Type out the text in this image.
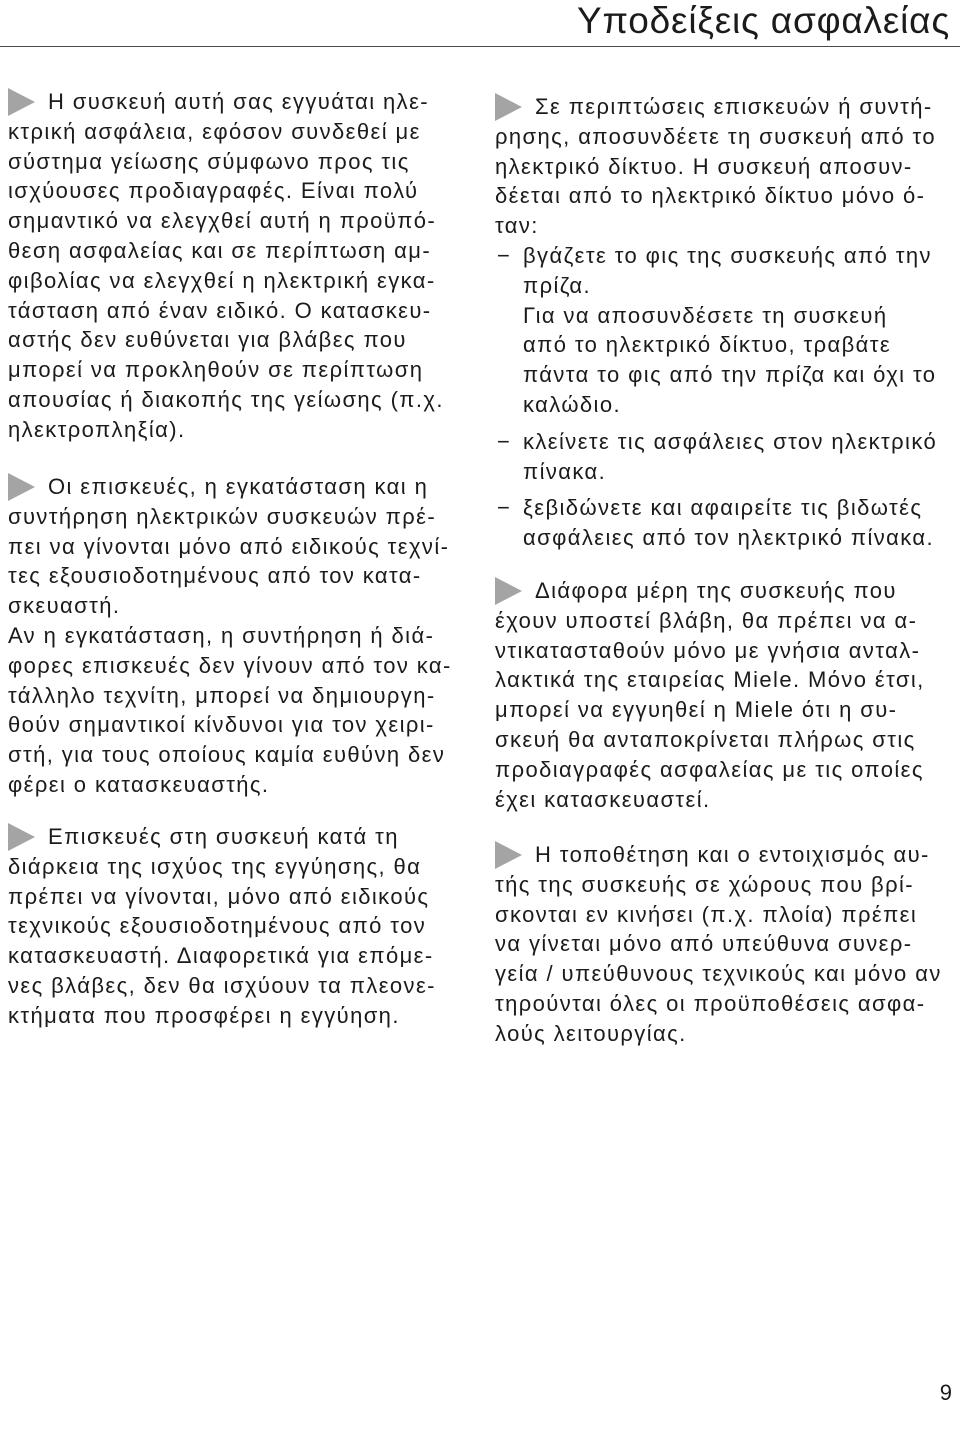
Υποδείξεις ασφαλείας
Η συσκευή αυτή σας εγγυάται ηλε-
κτρική ασφάλεια, εφόσον συνδεθεί με
σύστημα γείωσης σύμφωνο προς τις
ισχύουσες προδιαγραφές. Είναι πολύ
σημαντικό να ελεγχθεί αυτή η προϋπό-
θεση ασφαλείας και σε περίπτωση αμ-
φιβολίας να ελεγχθεί η ηλεκτρική εγκα-
τάσταση από έναν ειδικό. Ο κατασκευ-
αστής δεν ευθύνεται για βλάβες που
μπορεί να προκληθούν σε περίπτωση
απουσίας ή διακοπής της γείωσης (π.χ.
ηλεκτροπληξία).
Οι επισκευές, η εγκατάσταση και η
συντήρηση ηλεκτρικών συσκευών πρέ-
πει να γίνονται μόνο από ειδικούς τεχνί-
τες εξουσιοδοτημένους από τον κατα-
σκευαστή.
Αν η εγκατάσταση, η συντήρηση ή διά-
φορες επισκευές δεν γίνουν από τον κα-
τάλληλο τεχνίτη, μπορεί να δημιουργη-
θούν σημαντικοί κίνδυνοι για τον χειρι-
στή, για τους οποίους καμία ευθύνη δεν
φέρει ο κατασκευαστής.
Επισκευές στη συσκευή κατά τη
διάρκεια της ισχύος της εγγύησης, θα
πρέπει να γίνονται, μόνο από ειδικούς
τεχνικούς εξουσιοδοτημένους από τον
κατασκευαστή. Διαφορετικά για επόμε-
νες βλάβες, δεν θα ισχύουν τα πλεονε-
κτήματα που προσφέρει η εγγύηση.
Σε περιπτώσεις επισκευών ή συντή-
ρησης, αποσυνδέετε τη συσκευή από το
ηλεκτρικό δίκτυο. Η συσκευή αποσυν-
δέεται από το ηλεκτρικό δίκτυο μόνο ό-
ταν:
− βγάζετε το φις της συσκευής από την
πρίζα.
Για να αποσυνδέσετε τη συσκευή
από το ηλεκτρικό δίκτυο, τραβάτε
πάντα το φις από την πρίζα και όχι το
καλώδιο.
− κλείνετε τις ασφάλειες στον ηλεκτρικό
πίνακα.
− ξεβιδώνετε και αφαιρείτε τις βιδωτές
ασφάλειες από τον ηλεκτρικό πίνακα.
Διάφορα μέρη της συσκευής που
έχουν υποστεί βλάβη, θα πρέπει να α-
ντικατασταθούν μόνο με γνήσια ανταλ-
λακτικά της εταιρείας Miele. Μόνο έτσι,
μπορεί να εγγυηθεί η Miele ότι η συ-
σκευή θα ανταποκρίνεται πλήρως στις
προδιαγραφές ασφαλείας με τις οποίες
έχει κατασκευαστεί.
Η τοποθέτηση και ο εντοιχισμός αυ-
τής της συσκευής σε χώρους που βρί-
σκονται εν κινήσει (π.χ. πλοία) πρέπει
να γίνεται μόνο από υπεύθυνα συνερ-
γεία / υπεύθυνους τεχνικούς και μόνο αν
τηρούνται όλες οι προϋποθέσεις ασφα-
λούς λειτουργίας.
9
